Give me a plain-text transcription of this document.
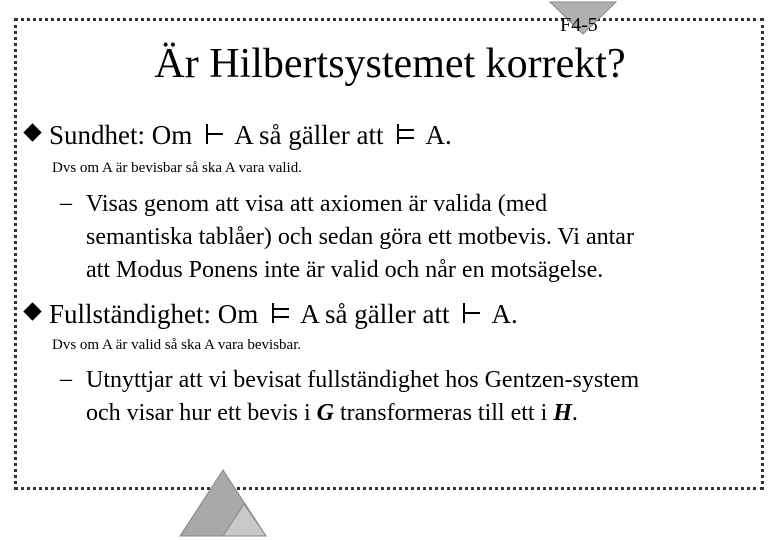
F4-5
Är Hilbertsystemet korrekt?
Sundhet: Om A så gäller att A.
Dvs om A är bevisbar så ska A vara valid.
– Visas genom att visa att axiomen är valida (med
semantiska tablåer) och sedan göra ett motbevis. Vi antar
att Modus Ponens inte är valid och når en motsägelse.
Fullständighet: Om A så gäller att A.
Dvs om A är valid så ska A vara bevisbar.
– Utnyttjar att vi bevisat fullständighet hos Gentzen-system
och visar hur ett bevis i G transformeras till ett i H.
